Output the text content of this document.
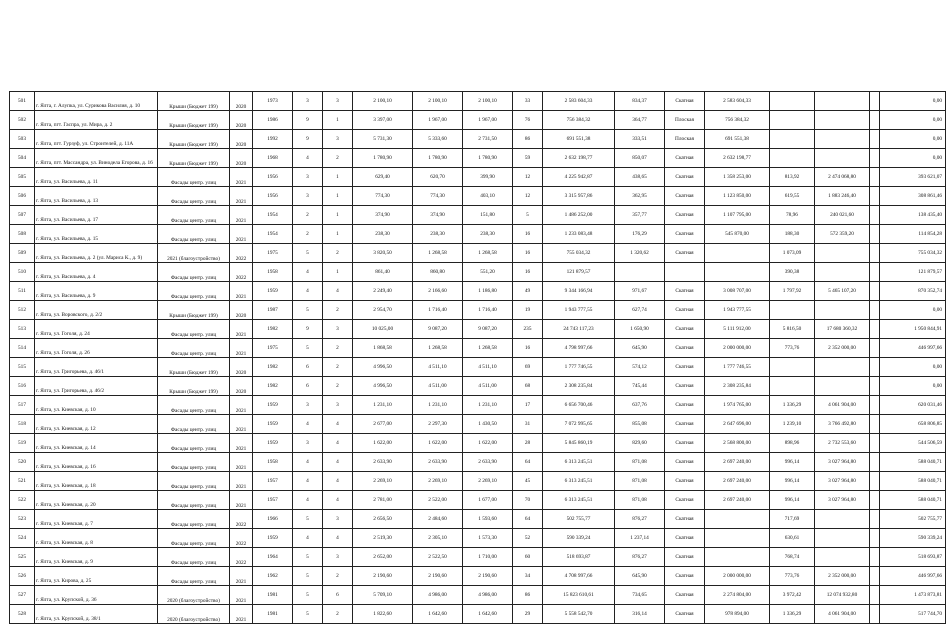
501	г. Ялта, г. Алупка, ул. Сурикова Василия, д. 10	Крыши (Бюджет 199)	2020	1973	3	3	2 100,10	2 100,10	2 100,10	33	2 583 604,33	834,37	Скатная	2 583 604,33				0,00
502	г. Ялта, пгт. Гаспра, ул. Мира, д. 2	Крыши (Бюджет 199)	2020	1986	9	1	3 397,00	1 967,00	1 967,00	76	756 384,32	364,77	Плоская	756 384,32				0,00
503	г. Ялта, пгт. Гурзуф, ул. Строителей, д. 11А	Крыши (Бюджет 199)	2020	1992	9	3	5 731,30	5 333,60	2 731,50	86	691 551,38	333,51	Плоская	691 551,38				0,00
504	г. Ялта, пгт. Массандра, ул. Винодела Егорова, д. 16	Крыши (Бюджет 199)	2020	1968	4	2	1 780,90	1 780,90	1 780,90	59	2 632 198,77	850,07	Скатная	2 632 198,77				0,00
505	г. Ялта, ул. Васильева, д. 11	Фасады центр. улиц	2021	1956	3	1	629,40	620,70	399,90	12	4 225 942,87	438,65	Скатная	1 358 253,00	813,92	2 474 068,80		393 621,07
506	г. Ялта, ул. Васильева, д. 13	Фасады центр. улиц	2021	1956	3	1	774,30	774,30	403,10	12	3 315 957,86	362,95	Скатная	1 123 850,00	619,55	1 883 246,40		308 861,46
507	г. Ялта, ул. Васильева, д. 17	Фасады центр. улиц	2021	1954	2	1	374,90	374,90	151,80	5	1 486 252,00	357,77	Скатная	1 107 795,00	78,96	240 021,60		138 435,40
508	г. Ялта, ул. Васильева, д. 15	Фасады центр. улиц	2021	1954	2	1	238,30	238,30	238,30	16	1 233 083,48	176,29	Скатная	545 870,00	188,30	572 359,20		114 854,28
509	г. Ялта, ул. Васильева, д. 2 (ул. Мариса К., д. 9)	2021 (благоустройство)	2022	1975	5	2	3 820,50	1 268,58	1 268,58	16	755 034,32	1 320,62	Скатная		1 073,09			755 034,32
510	г. Ялта, ул. Васильева, д. 4	Фасады центр. улиц	2022	1958	4	1	861,40	860,80	551,20	16	121 879,57				390,38			121 879,57
511	г. Ялта, ул. Васильева, д. 9	Фасады центр. улиц	2021	1959	4	4	2 249,40	2 166,60	1 186,80	49	9 344 166,94	971,67	Скатная	3 008 707,00	1 797,92	5 465 107,20		870 352,74
512	г. Ялта, ул. Воровского, д. 2/2	Крыши (Бюджет 199)	2020	1987	5	2	2 954,70	1 716,40	1 716,40	19	1 943 777,55	627,74	Скатная	1 943 777,55				0,00
513	г. Ялта, ул. Гоголя, д. 24	Фасады центр. улиц	2021	1982	9	3	10 025,00	9 087,20	9 087,20	235	24 743 117,23	1 650,90	Скатная	5 111 912,00	5 816,50	17 680 360,32		1 950 844,91
514	г. Ялта, ул. Гоголя, д. 26	Фасады центр. улиц	2021	1975	5	2	1 868,58	1 268,58	1 268,58	16	4 798 997,66	645,90	Скатная	2 000 000,00	773,76	2 352 000,00		446 997,66
515	г. Ялта, ул. Григорьева, д. 46/1	Крыши (Бюджет 199)	2020	1982	6	2	4 996,50	4 511,10	4 511,10	69	1 777 746,55	574,12	Скатная	1 777 746,55				0,00
516	г. Ялта, ул. Григорьева, д. 46/2	Крыши (Бюджет 199)	2020	1982	6	2	4 996,50	4 511,00	4 511,00	68	2 308 235,84	745,44	Скатная	2 308 235,84				0,00
517	г. Ялта, ул. Киевская, д. 10	Фасады центр. улиц	2021	1959	3	3	1 231,10	1 231,10	1 231,10	17	6 656 700,46	637,76	Скатная	1 974 765,00	1 336,29	4 061 904,00		620 031,46
518	г. Ялта, ул. Киевская, д. 12	Фасады центр. улиц	2021	1959	4	4	2 677,00	2 297,30	1 430,50	31	7 072 995,65	855,08	Скатная	2 647 696,00	1 239,10	3 766 492,80		658 806,85
519	г. Ялта, ул. Киевская, д. 14	Фасады центр. улиц	2021	1959	3	4	1 622,00	1 622,00	1 622,00	28	5 845 860,19	829,60	Скатная	2 568 800,00	898,96	2 732 553,60		544 506,59
520	г. Ялта, ул. Киевская, д. 16	Фасады центр. улиц	2021	1958	4	4	2 633,90	2 633,90	2 633,90	64	6 313 245,51	871,08	Скатная	2 697 240,00	996,14	3 027 964,80		588 040,71
521	г. Ялта, ул. Киевская, д. 18	Фасады центр. улиц	2021	1957	4	4	2 269,10	2 269,10	2 269,10	45	6 313 245,51	871,08	Скатная	2 697 240,00	996,14	3 027 964,80		588 040,71
522	г. Ялта, ул. Киевская, д. 20	Фасады центр. улиц	2021	1957	4	4	2 781,00	2 522,00	1 677,00	70	6 313 245,51	871,08	Скатная	2 697 240,00	996,14	3 027 964,80		588 040,71
523	г. Ялта, ул. Киевская, д. 7	Фасады центр. улиц	2022	1966	5	3	2 656,50	2 484,60	1 593,60	64	502 755,77	876,27	Скатная		717,69			502 755,77
524	г. Ялта, ул. Киевская, д. 8	Фасады центр. улиц	2022	1959	4	4	2 519,30	2 305,10	1 573,30	52	590 339,24	1 237,14	Скатная		630,61			590 339,24
525	г. Ялта, ул. Киевская, д. 9	Фасады центр. улиц	2022	1964	5	3	2 652,00	2 522,50	1 710,00	60	518 693,87	876,27	Скатная		768,74			518 693,87
526	г. Ялта, ул. Кирова, д. 25	Фасады центр. улиц	2021	1962	5	2	2 190,60	2 190,60	2 190,60	34	4 708 997,66	645,90	Скатная	2 000 000,00	773,76	2 352 000,00		446 997,66
527	г. Ялта, ул. Крупской, д. 36	2020 (благоустройство)	2021	1981	5	6	5 709,10	4 986,00	4 986,00	86	15 823 610,61	734,65	Скатная	2 274 804,00	3 972,42	12 074 932,80		1 473 873,81
528	г. Ялта, ул. Крупской, д. 38/1	2020 (благоустройство)	2021	1981	5	2	1 822,60	1 642,60	1 642,60	29	5 558 542,70	316,14	Скатная	978 894,00	1 336,29	4 061 904,00		517 744,70
